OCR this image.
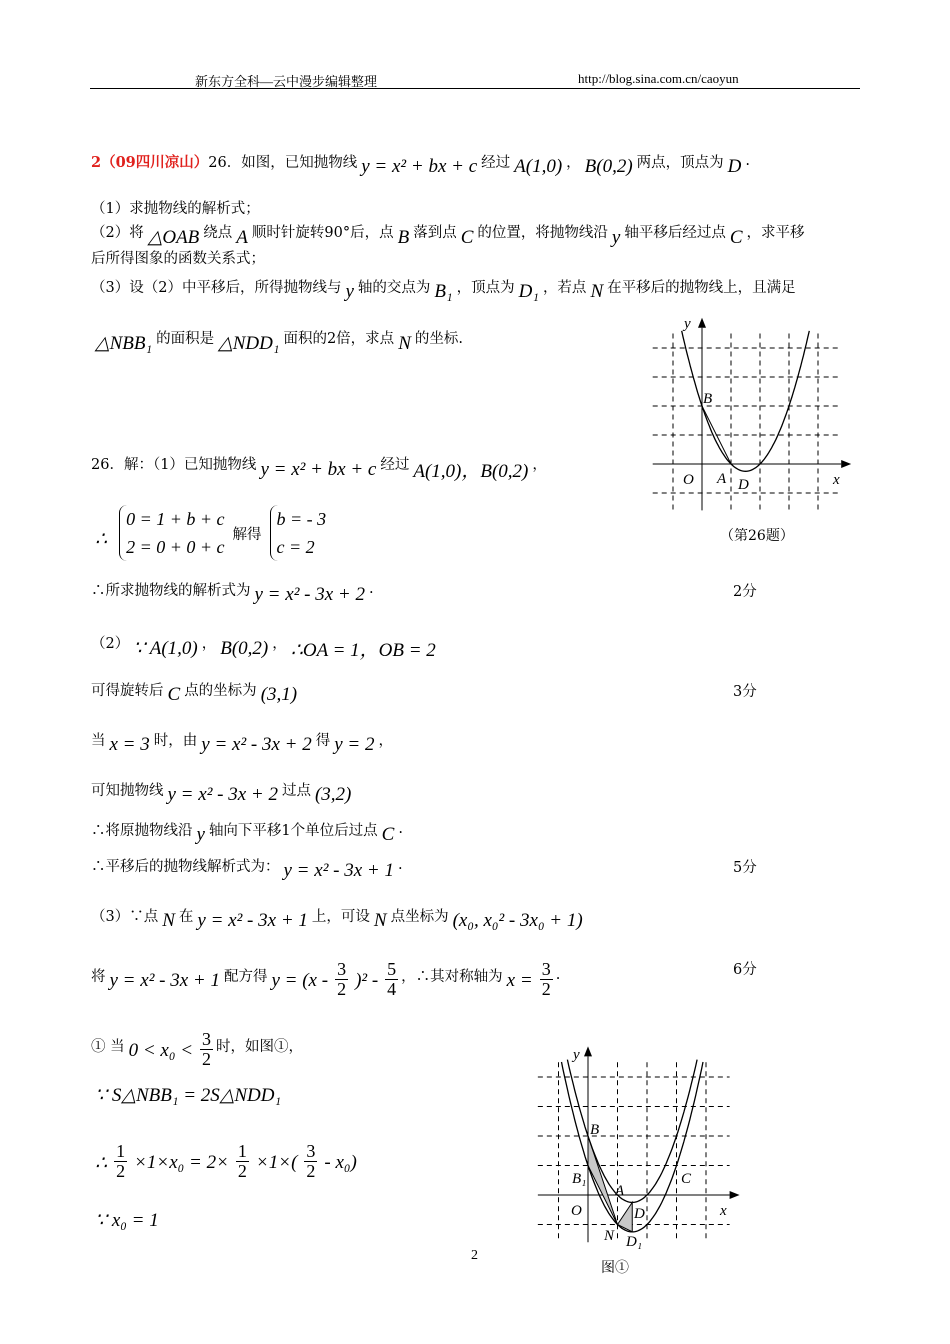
新东方全科—云中漫步编辑整理	http://blog.sina.com.cn/caoyun
2（09四川凉山） 26．如图，已知抛物线 y = x² + bx + c 经过 A(1,0) ， B(0,2) 两点，顶点为 D .
（1）求抛物线的解析式；
（2）将 △OAB 绕点 A 顺时针旋转90°后，点 B 落到点 C 的位置，将抛物线沿 y 轴平移后经过点 C ，求平移
后所得图象的函数关系式；
（3）设（2）中平移后，所得抛物线与 y 轴的交点为 B₁ ，顶点为 D₁ ，若点 N 在平移后的抛物线上，且满足
△NBB₁ 的面积是 △NDD₁ 面积的2倍，求点 N 的坐标.
26．解：（1）已知抛物线 y = x² + bx + c 经过 A(1,0)，B(0,2) ，
∴
0 = 1 + b + c
2 = 0 + 0 + c
解得
b = - 3
c = 2
∴所求抛物线的解析式为 y = x² - 3x + 2 .	2分
（2） ∵ A(1,0) ， B(0,2) ， ∴OA = 1，OB = 2
可得旋转后 C 点的坐标为 (3,1)	3分
当 x = 3 时，由 y = x² - 3x + 2 得 y = 2 ，
可知抛物线 y = x² - 3x + 2 过点 (3,2)
∴将原抛物线沿 y 轴向下平移1个单位后过点 C .
∴平移后的抛物线解析式为： y = x² - 3x + 1 .	5分
（3）∵点 N 在 y = x² - 3x + 1 上，可设 N 点坐标为 (x₀, x₀² - 3x₀ + 1)
将 y = x² - 3x + 1 配方得 $y = (x - \frac{3}{2} )^2 - \frac{5}{4}$ ，∴其对称轴为 $x = \frac{3}{2}$ .	6分
① 当 $0 < x_0 < \frac{3}{2}$ 时，如图①，
∵ S△NBB₁ = 2S△NDD₁
∴ $\frac{1}{2} \times 1\times x_0 = 2\times \frac{1}{2} \times 1\times( \frac{3}{2} - x_0)$
∵ x₀ = 1
y
x
O A
B
D
y
x
O
A
B
B₁	C
D
D₁
N
（第26题）
图①
2
